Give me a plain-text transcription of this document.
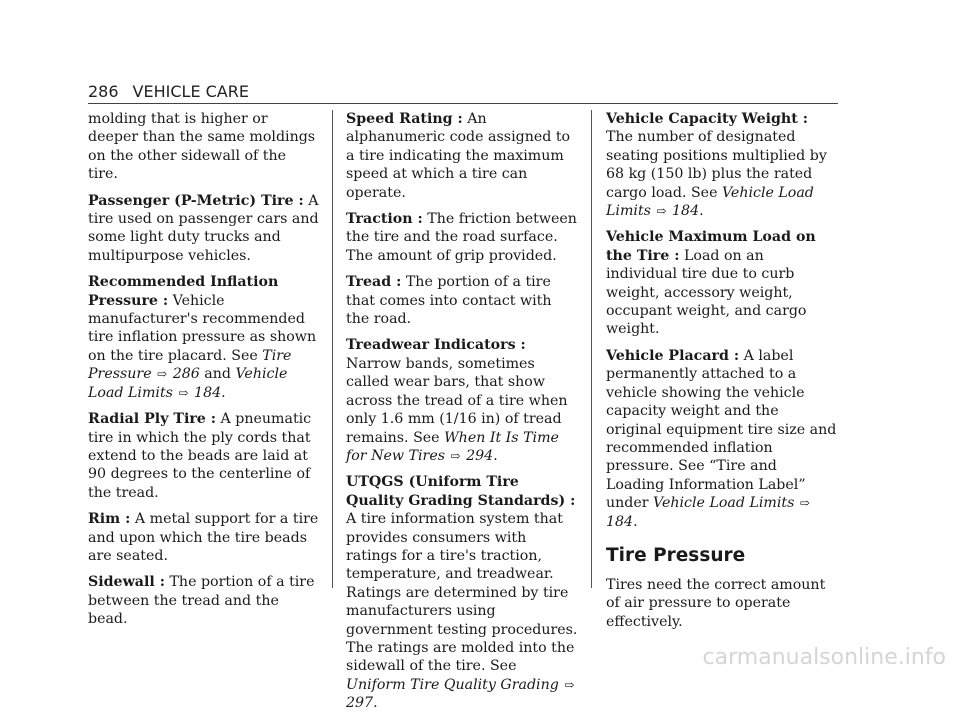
286 VEHICLE CARE

molding that is higher or deeper than the same moldings on the other sidewall of the tire.

Passenger (P-Metric) Tire : A tire used on passenger cars and some light duty trucks and multipurpose vehicles.

Recommended Inflation Pressure : Vehicle manufacturer's recommended tire inflation pressure as shown on the tire placard. See Tire Pressure ⇨ 286 and Vehicle Load Limits ⇨ 184.

Radial Ply Tire : A pneumatic tire in which the ply cords that extend to the beads are laid at 90 degrees to the centerline of the tread.

Rim : A metal support for a tire and upon which the tire beads are seated.

Sidewall : The portion of a tire between the tread and the bead.

Speed Rating : An alphanumeric code assigned to a tire indicating the maximum speed at which a tire can operate.

Traction : The friction between the tire and the road surface. The amount of grip provided.

Tread : The portion of a tire that comes into contact with the road.

Treadwear Indicators : Narrow bands, sometimes called wear bars, that show across the tread of a tire when only 1.6 mm (1/16 in) of tread remains. See When It Is Time for New Tires ⇨ 294.

UTQGS (Uniform Tire Quality Grading Standards) : A tire information system that provides consumers with ratings for a tire's traction, temperature, and treadwear. Ratings are determined by tire manufacturers using government testing procedures. The ratings are molded into the sidewall of the tire. See Uniform Tire Quality Grading ⇨ 297.

Vehicle Capacity Weight : The number of designated seating positions multiplied by 68 kg (150 lb) plus the rated cargo load. See Vehicle Load Limits ⇨ 184.

Vehicle Maximum Load on the Tire : Load on an individual tire due to curb weight, accessory weight, occupant weight, and cargo weight.

Vehicle Placard : A label permanently attached to a vehicle showing the vehicle capacity weight and the original equipment tire size and recommended inflation pressure. See “Tire and Loading Information Label” under Vehicle Load Limits ⇨ 184.

Tire Pressure

Tires need the correct amount of air pressure to operate effectively.

carmanualsonline.info
